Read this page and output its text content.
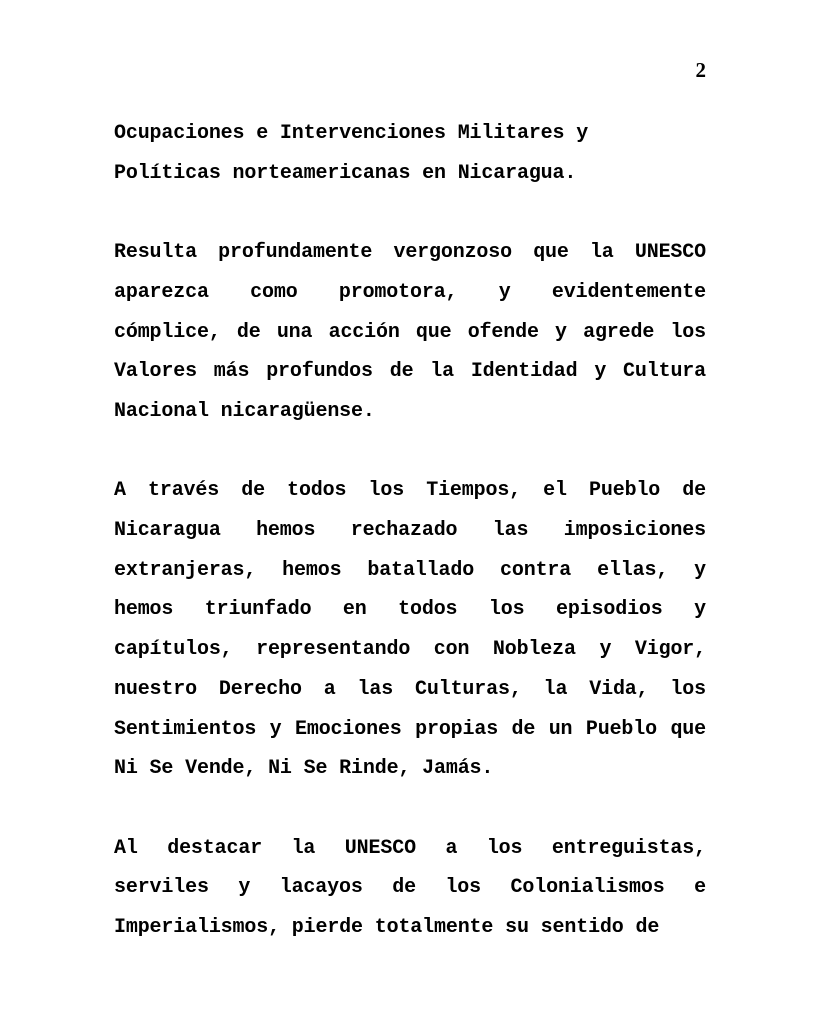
2

Ocupaciones e Intervenciones Militares y Políticas norteamericanas en Nicaragua.

Resulta profundamente vergonzoso que la UNESCO aparezca como promotora, y evidentemente cómplice, de una acción que ofende y agrede los Valores más profundos de la Identidad y Cultura Nacional nicaragüense.

A través de todos los Tiempos, el Pueblo de Nicaragua hemos rechazado las imposiciones extranjeras, hemos batallado contra ellas, y hemos triunfado en todos los episodios y capítulos, representando con Nobleza y Vigor, nuestro Derecho a las Culturas, la Vida, los Sentimientos y Emociones propias de un Pueblo que Ni Se Vende, Ni Se Rinde, Jamás.

Al destacar la UNESCO a los entreguistas, serviles y lacayos de los Colonialismos e Imperialismos, pierde totalmente su sentido de
